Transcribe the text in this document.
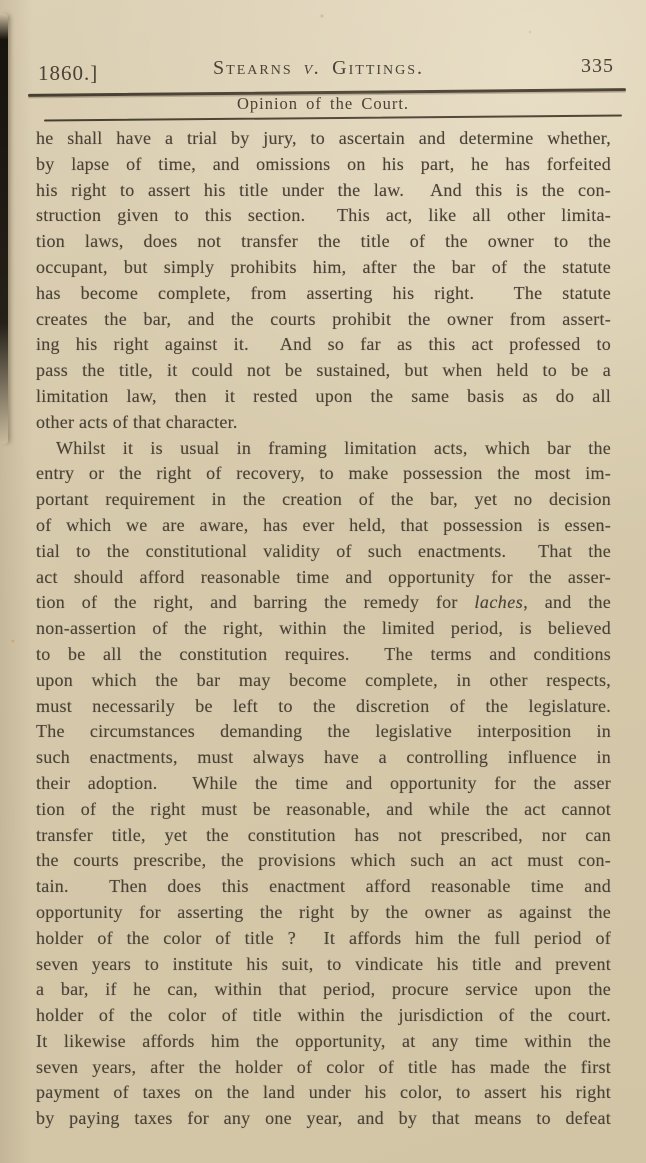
1860.]	Stearns v. Gittings.	335
Opinion of the Court.
he shall have a trial by jury, to ascertain and determine whether,
by lapse of time, and omissions on his part, he has forfeited
his right to assert his title under the law.  And this is the con-
struction given to this section.  This act, like all other limita-
tion laws, does not transfer the title of the owner to the
occupant, but simply prohibits him, after the bar of the statute
has become complete, from asserting his right.  The statute
creates the bar, and the courts prohibit the owner from assert-
ing his right against it.  And so far as this act professed to
pass the title, it could not be sustained, but when held to be a
limitation law, then it rested upon the same basis as do all
other acts of that character.
Whilst it is usual in framing limitation acts, which bar the
entry or the right of recovery, to make possession the most im-
portant requirement in the creation of the bar, yet no decision
of which we are aware, has ever held, that possession is essen-
tial to the constitutional validity of such enactments.  That the
act should afford reasonable time and opportunity for the asser-
tion of the right, and barring the remedy for laches, and the
non-assertion of the right, within the limited period, is believed
to be all the constitution requires.  The terms and conditions
upon which the bar may become complete, in other respects,
must necessarily be left to the discretion of the legislature.
The circumstances demanding the legislative interposition in
such enactments, must always have a controlling influence in
their adoption.  While the time and opportunity for the asser
tion of the right must be reasonable, and while the act cannot
transfer title, yet the constitution has not prescribed, nor can
the courts prescribe, the provisions which such an act must con-
tain.  Then does this enactment afford reasonable time and
opportunity for asserting the right by the owner as against the
holder of the color of title ?  It affords him the full period of
seven years to institute his suit, to vindicate his title and prevent
a bar, if he can, within that period, procure service upon the
holder of the color of title within the jurisdiction of the court.
It likewise affords him the opportunity, at any time within the
seven years, after the holder of color of title has made the first
payment of taxes on the land under his color, to assert his right
by paying taxes for any one year, and by that means to defeat
